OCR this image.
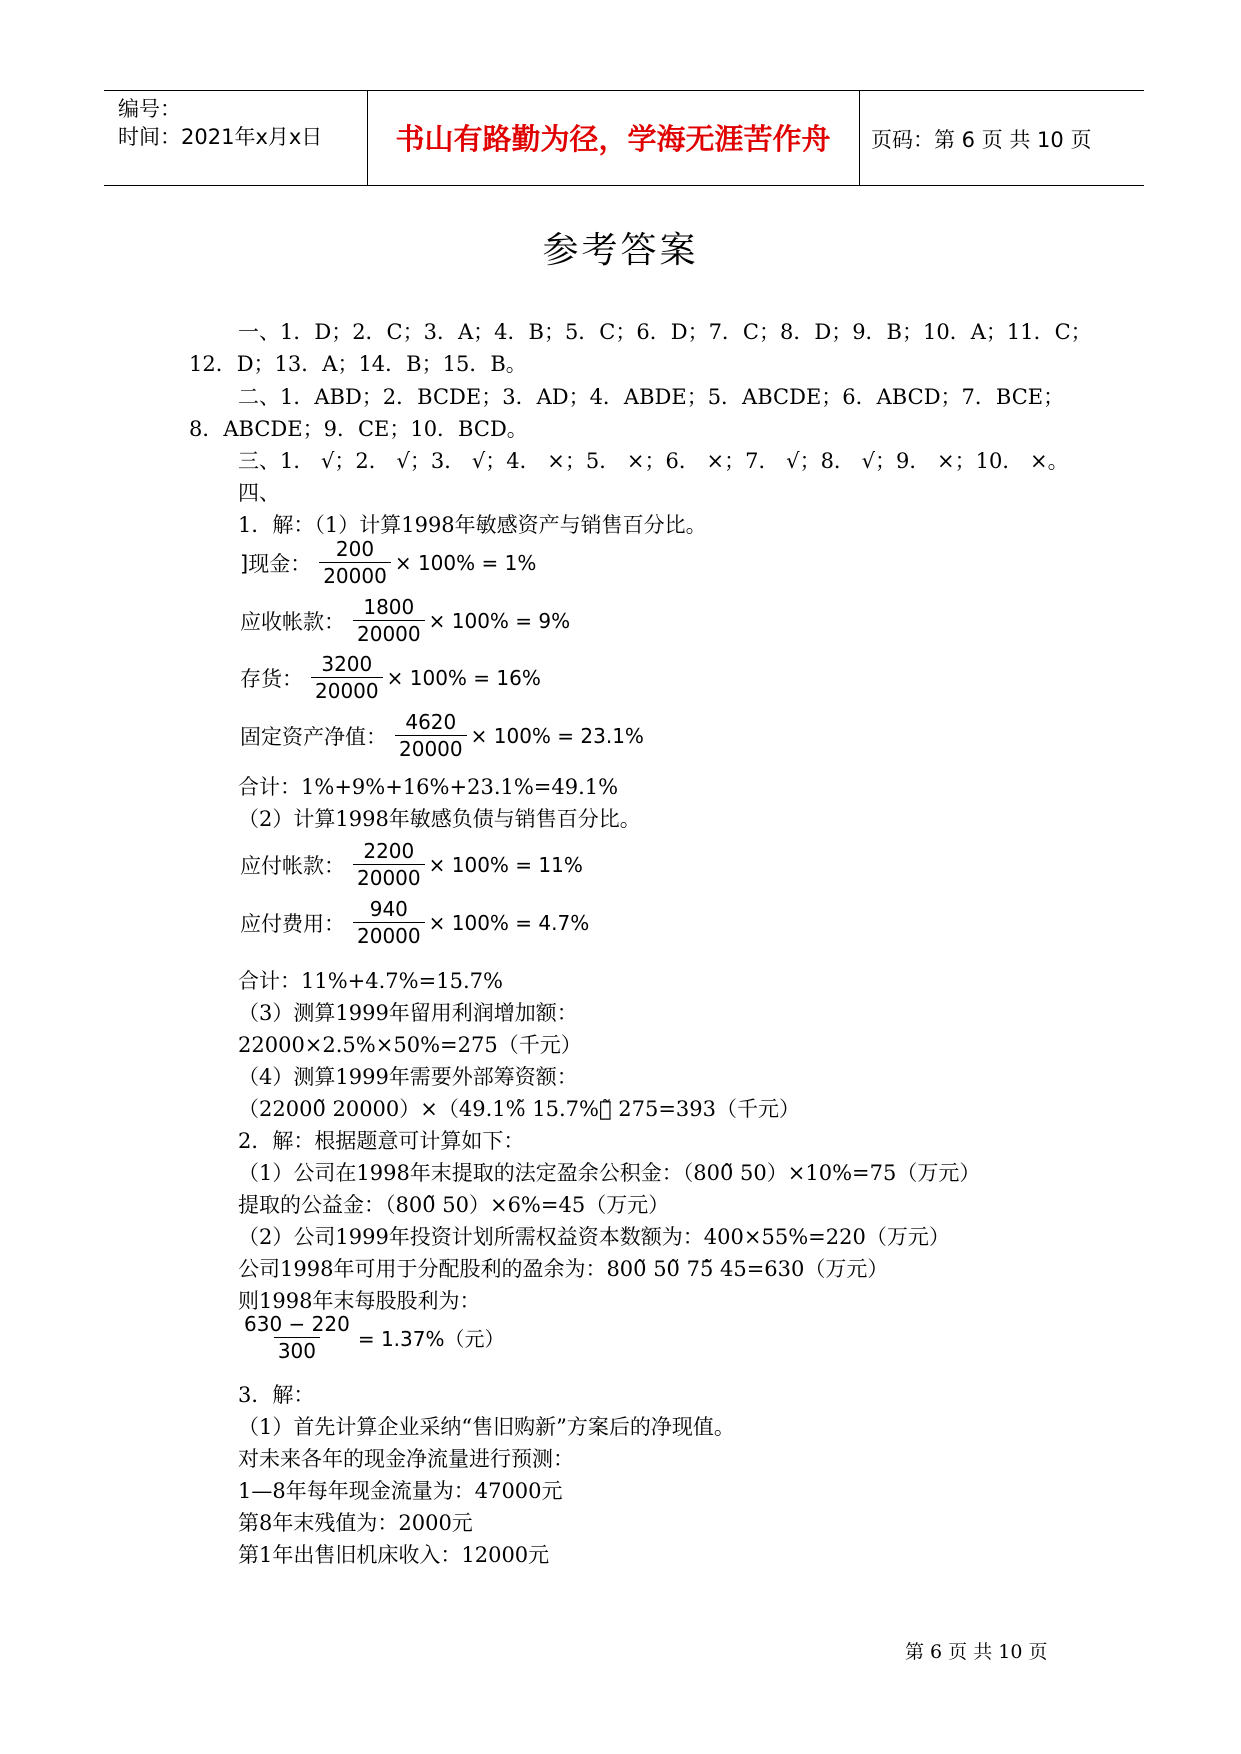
编号：
时间：2021年x月x日	书山有路勤为径，学海无涯苦作舟	页码：第 6 页 共 10 页
参考答案
一、1．D；2．C；3．A；4．B；5．C；6．D；7．C；8．D；9．B；10．A；11．C；
12．D；13．A；14．B；15．B。
二、1．ABD；2．BCDE；3．AD；4．ABDE；5．ABCDE；6．ABCD；7．BCE；
8．ABCDE；9．CE；10．BCD。
三、1． √；2． √；3． √；4． ×；5． ×；6． ×；7． √；8． √；9． ×；10． ×。
四、
1．解：（1）计算1998年敏感资产与销售百分比。
]现金： $\frac{200}{20000} \times 100\% = 1\%$
应收帐款： $\frac{1800}{20000} \times 100\% = 9\%$
存货： $\frac{3200}{20000} \times 100\% = 16\%$
固定资产净值： $\frac{4620}{20000} \times 100\% = 23.1\%$
合计：1%+9%+16%+23.1%=49.1%
（2）计算1998年敏感负债与销售百分比。
应付帐款： $\frac{2200}{20000} \times 100\% = 11\%$
应付费用： $\frac{940}{20000} \times 100\% = 4.7\%$
合计：11%+4.7%=15.7%
（3）测算1999年留用利润增加额：
22000×2.5%×50%=275（千元）
（4）测算1999年需要外部筹资额：
（22000̃ 20000）×（49.1%̃ 15.7%）̃ 275=393（千元）
2．解：根据题意可计算如下：
（1）公司在1998年末提取的法定盈余公积金：（800̃ 50）×10%=75（万元）
提取的公益金：（800̃ 50）×6%=45（万元）
（2）公司1999年投资计划所需权益资本数额为：400×55%=220（万元）
公司1998年可用于分配股利的盈余为：800̃ 50̃ 75̃ 45=630（万元）
则1998年末每股股利为：
$\frac{630 - 220}{300} = 1.37\%$（元）
3．解：
（1）首先计算企业采纳“售旧购新”方案后的净现值。
对未来各年的现金净流量进行预测：
1—8年每年现金流量为：47000元
第8年末残值为：2000元
第1年出售旧机床收入：12000元
第 6 页 共 10 页
